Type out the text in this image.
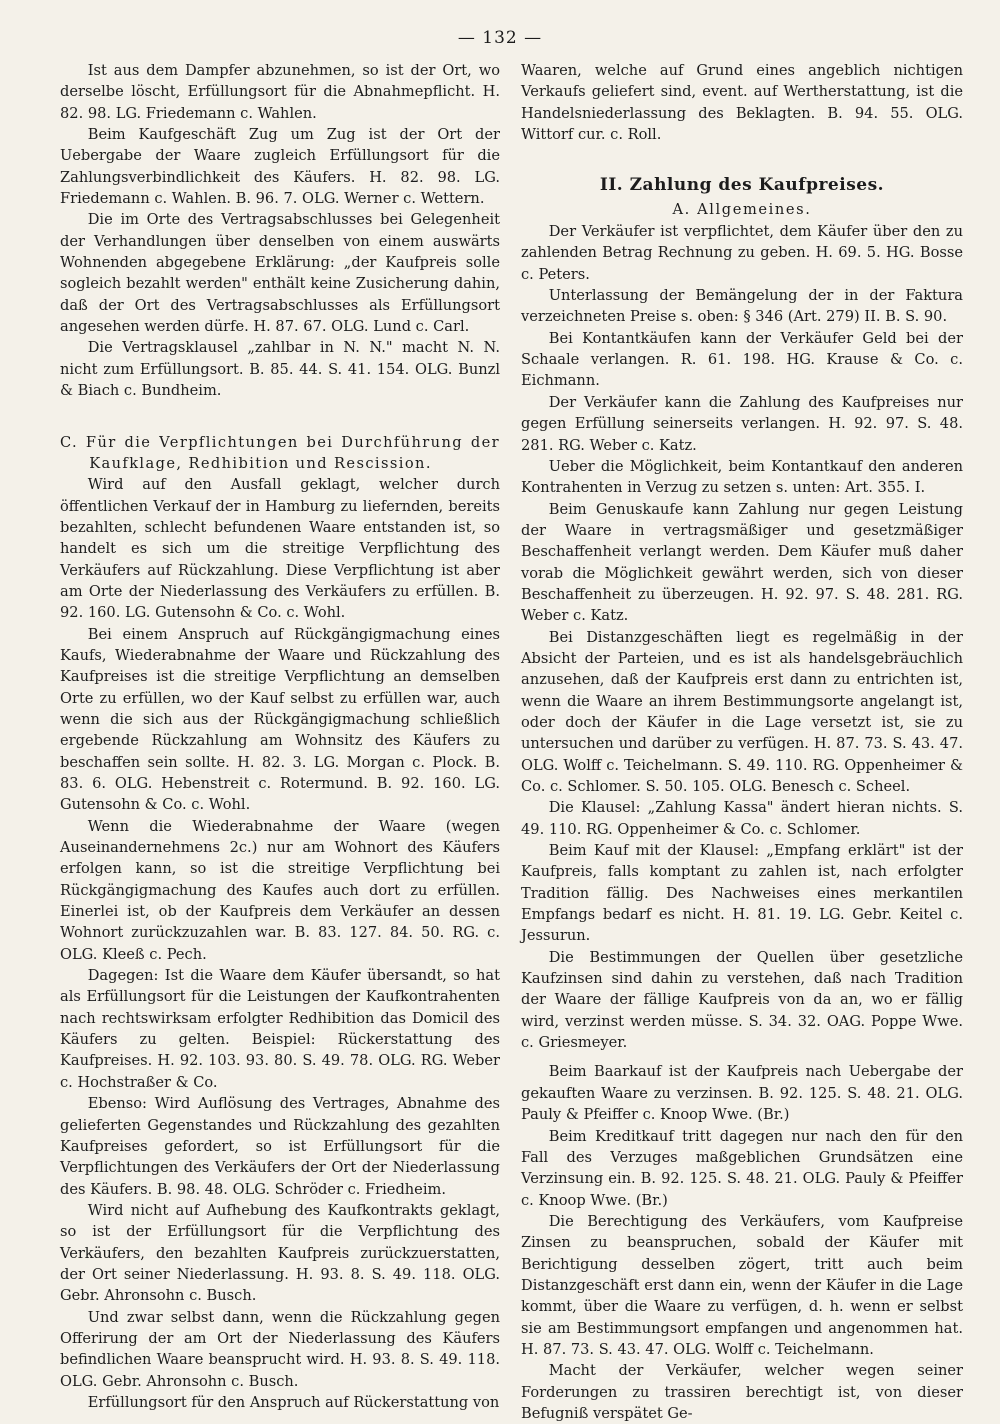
— 132 —

Ist aus dem Dampfer abzunehmen, so ist der Ort, wo derselbe löscht, Erfüllungsort für die Abnahmepflicht. H. 82. 98. LG. Friedemann c. Wahlen.

Beim Kaufgeschäft Zug um Zug ist der Ort der Uebergabe der Waare zugleich Erfüllungsort für die Zahlungsverbindlichkeit des Käufers. H. 82. 98. LG. Friedemann c. Wahlen. B. 96. 7. OLG. Werner c. Wettern.

Die im Orte des Vertragsabschlusses bei Gelegenheit der Verhandlungen über denselben von einem auswärts Wohnenden abgegebene Erklärung: „der Kaufpreis solle sogleich bezahlt werden" enthält keine Zusicherung dahin, daß der Ort des Vertragsabschlusses als Erfüllungsort angesehen werden dürfe. H. 87. 67. OLG. Lund c. Carl.

Die Vertragsklausel „zahlbar in N. N." macht N. N. nicht zum Erfüllungsort. B. 85. 44. S. 41. 154. OLG. Bunzl & Biach c. Bundheim.

C. Für die Verpflichtungen bei Durchführung der Kaufklage, Redhibition und Rescission.

Wird auf den Ausfall geklagt, welcher durch öffentlichen Verkauf der in Hamburg zu liefernden, bereits bezahlten, schlecht befundenen Waare entstanden ist, so handelt es sich um die streitige Verpflichtung des Verkäufers auf Rückzahlung. Diese Verpflichtung ist aber am Orte der Niederlassung des Verkäufers zu erfüllen. B. 92. 160. LG. Gutensohn & Co. c. Wohl.

Bei einem Anspruch auf Rückgängigmachung eines Kaufs, Wiederabnahme der Waare und Rückzahlung des Kaufpreises ist die streitige Verpflichtung an demselben Orte zu erfüllen, wo der Kauf selbst zu erfüllen war, auch wenn die sich aus der Rückgängigmachung schließlich ergebende Rückzahlung am Wohnsitz des Käufers zu beschaffen sein sollte. H. 82. 3. LG. Morgan c. Plock. B. 83. 6. OLG. Hebenstreit c. Rotermund. B. 92. 160. LG. Gutensohn & Co. c. Wohl.

Wenn die Wiederabnahme der Waare (wegen Auseinandernehmens 2c.) nur am Wohnort des Käufers erfolgen kann, so ist die streitige Verpflichtung bei Rückgängigmachung des Kaufes auch dort zu erfüllen. Einerlei ist, ob der Kaufpreis dem Verkäufer an dessen Wohnort zurückzuzahlen war. B. 83. 127. 84. 50. RG. c. OLG. Kleeß c. Pech.

Dagegen: Ist die Waare dem Käufer übersandt, so hat als Erfüllungsort für die Leistungen der Kaufkontrahenten nach rechtswirksam erfolgter Redhibition das Domicil des Käufers zu gelten. Beispiel: Rückerstattung des Kaufpreises. H. 92. 103. 93. 80. S. 49. 78. OLG. RG. Weber c. Hochstraßer & Co.

Ebenso: Wird Auflösung des Vertrages, Abnahme des gelieferten Gegenstandes und Rückzahlung des gezahlten Kaufpreises gefordert, so ist Erfüllungsort für die Verpflichtungen des Verkäufers der Ort der Niederlassung des Käufers. B. 98. 48. OLG. Schröder c. Friedheim.

Wird nicht auf Aufhebung des Kaufkontrakts geklagt, so ist der Erfüllungsort für die Verpflichtung des Verkäufers, den bezahlten Kaufpreis zurückzuerstatten, der Ort seiner Niederlassung. H. 93. 8. S. 49. 118. OLG. Gebr. Ahronsohn c. Busch.

Und zwar selbst dann, wenn die Rückzahlung gegen Offerirung der am Ort der Niederlassung des Käufers befindlichen Waare beansprucht wird. H. 93. 8. S. 49. 118. OLG. Gebr. Ahronsohn c. Busch.

Erfüllungsort für den Anspruch auf Rückerstattung von

Waaren, welche auf Grund eines angeblich nichtigen Verkaufs geliefert sind, event. auf Wertherstattung, ist die Handelsniederlassung des Beklagten. B. 94. 55. OLG. Wittorf cur. c. Roll.

II. Zahlung des Kaufpreises.

A. Allgemeines.

Der Verkäufer ist verpflichtet, dem Käufer über den zu zahlenden Betrag Rechnung zu geben. H. 69. 5. HG. Bosse c. Peters.

Unterlassung der Bemängelung der in der Faktura verzeichneten Preise s. oben: § 346 (Art. 279) II. B. S. 90.

Bei Kontantkäufen kann der Verkäufer Geld bei der Schaale verlangen. R. 61. 198. HG. Krause & Co. c. Eichmann.

Der Verkäufer kann die Zahlung des Kaufpreises nur gegen Erfüllung seinerseits verlangen. H. 92. 97. S. 48. 281. RG. Weber c. Katz.

Ueber die Möglichkeit, beim Kontantkauf den anderen Kontrahenten in Verzug zu setzen s. unten: Art. 355. I.

Beim Genuskaufe kann Zahlung nur gegen Leistung der Waare in vertragsmäßiger und gesetzmäßiger Beschaffenheit verlangt werden. Dem Käufer muß daher vorab die Möglichkeit gewährt werden, sich von dieser Beschaffenheit zu überzeugen. H. 92. 97. S. 48. 281. RG. Weber c. Katz.

Bei Distanzgeschäften liegt es regelmäßig in der Absicht der Parteien, und es ist als handelsgebräuchlich anzusehen, daß der Kaufpreis erst dann zu entrichten ist, wenn die Waare an ihrem Bestimmungsorte angelangt ist, oder doch der Käufer in die Lage versetzt ist, sie zu untersuchen und darüber zu verfügen. H. 87. 73. S. 43. 47. OLG. Wolff c. Teichelmann. S. 49. 110. RG. Oppenheimer & Co. c. Schlomer. S. 50. 105. OLG. Benesch c. Scheel.

Die Klausel: „Zahlung Kassa" ändert hieran nichts. S. 49. 110. RG. Oppenheimer & Co. c. Schlomer.

Beim Kauf mit der Klausel: „Empfang erklärt" ist der Kaufpreis, falls komptant zu zahlen ist, nach erfolgter Tradition fällig. Des Nachweises eines merkantilen Empfangs bedarf es nicht. H. 81. 19. LG. Gebr. Keitel c. Jessurun.

Die Bestimmungen der Quellen über gesetzliche Kaufzinsen sind dahin zu verstehen, daß nach Tradition der Waare der fällige Kaufpreis von da an, wo er fällig wird, verzinst werden müsse. S. 34. 32. OAG. Poppe Wwe. c. Griesmeyer.

Beim Baarkauf ist der Kaufpreis nach Uebergabe der gekauften Waare zu verzinsen. B. 92. 125. S. 48. 21. OLG. Pauly & Pfeiffer c. Knoop Wwe. (Br.)

Beim Kreditkauf tritt dagegen nur nach den für den Fall des Verzuges maßgeblichen Grundsätzen eine Verzinsung ein. B. 92. 125. S. 48. 21. OLG. Pauly & Pfeiffer c. Knoop Wwe. (Br.)

Die Berechtigung des Verkäufers, vom Kaufpreise Zinsen zu beanspruchen, sobald der Käufer mit Berichtigung desselben zögert, tritt auch beim Distanzgeschäft erst dann ein, wenn der Käufer in die Lage kommt, über die Waare zu verfügen, d. h. wenn er selbst sie am Bestimmungsort empfangen und angenommen hat. H. 87. 73. S. 43. 47. OLG. Wolff c. Teichelmann.

Macht der Verkäufer, welcher wegen seiner Forderungen zu trassiren berechtigt ist, von dieser Befugniß verspätet Ge-
